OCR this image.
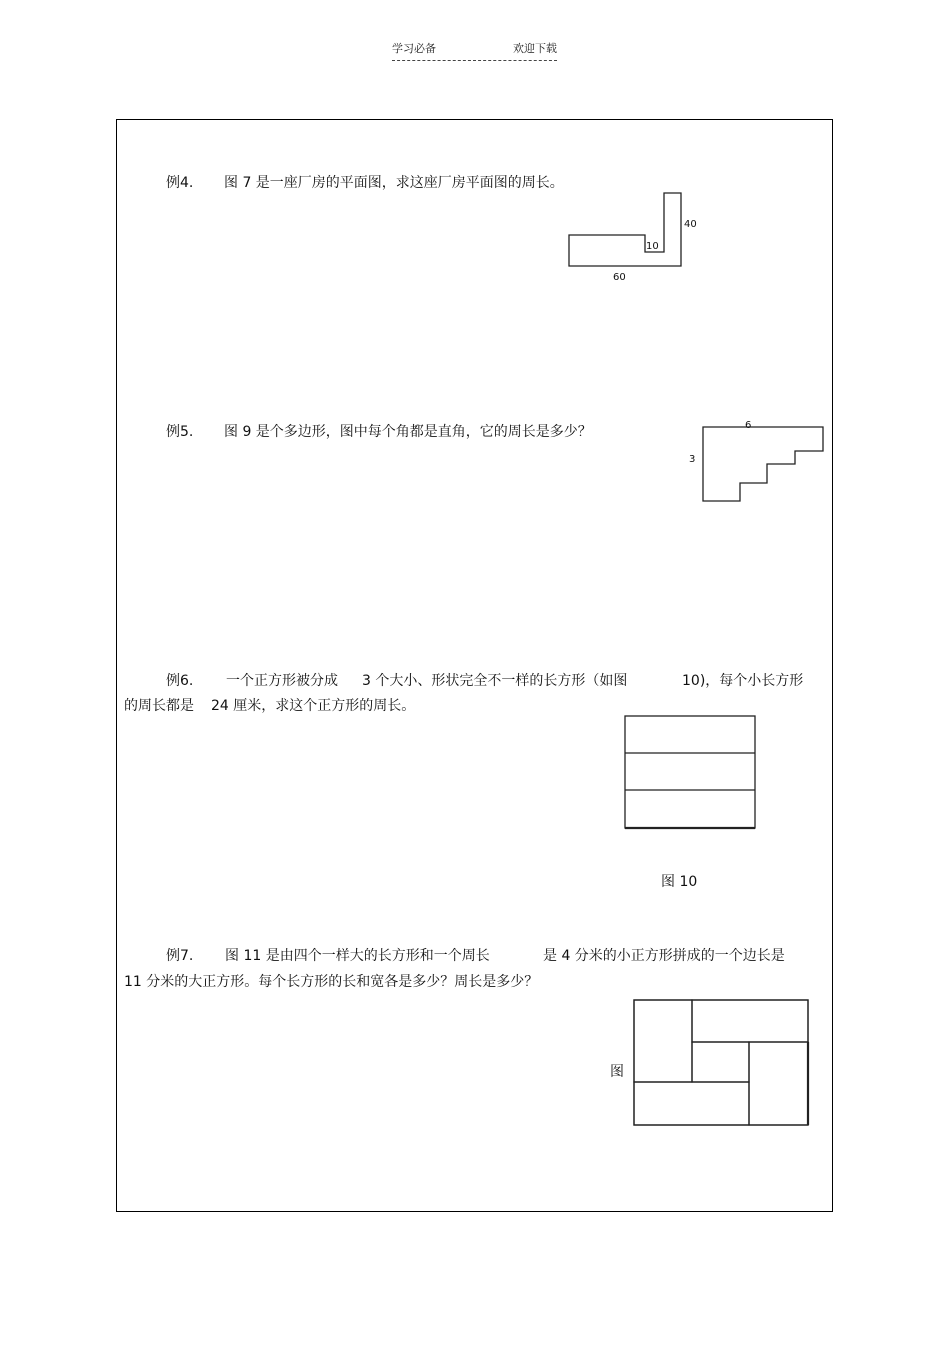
学习必备	欢迎下载
例4. 图 7 是一座厂房的平面图，求这座厂房平面图的周长。
40
10
60
例5. 图 9 是个多边形，图中每个角都是直角，它的周长是多少？	6
3
例6. 一个正方形被分成 3 个大小、形状完全不一样的长方形（如图	10)，每个小长方形
的周长都是 24 厘米，求这个正方形的周长。
图 10
例7. 图 11 是由四个一样大的长方形和一个周长	是 4 分米的小正方形拼成的一个边长是
11 分米的大正方形。每个长方形的长和宽各是多少？周长是多少？
图
